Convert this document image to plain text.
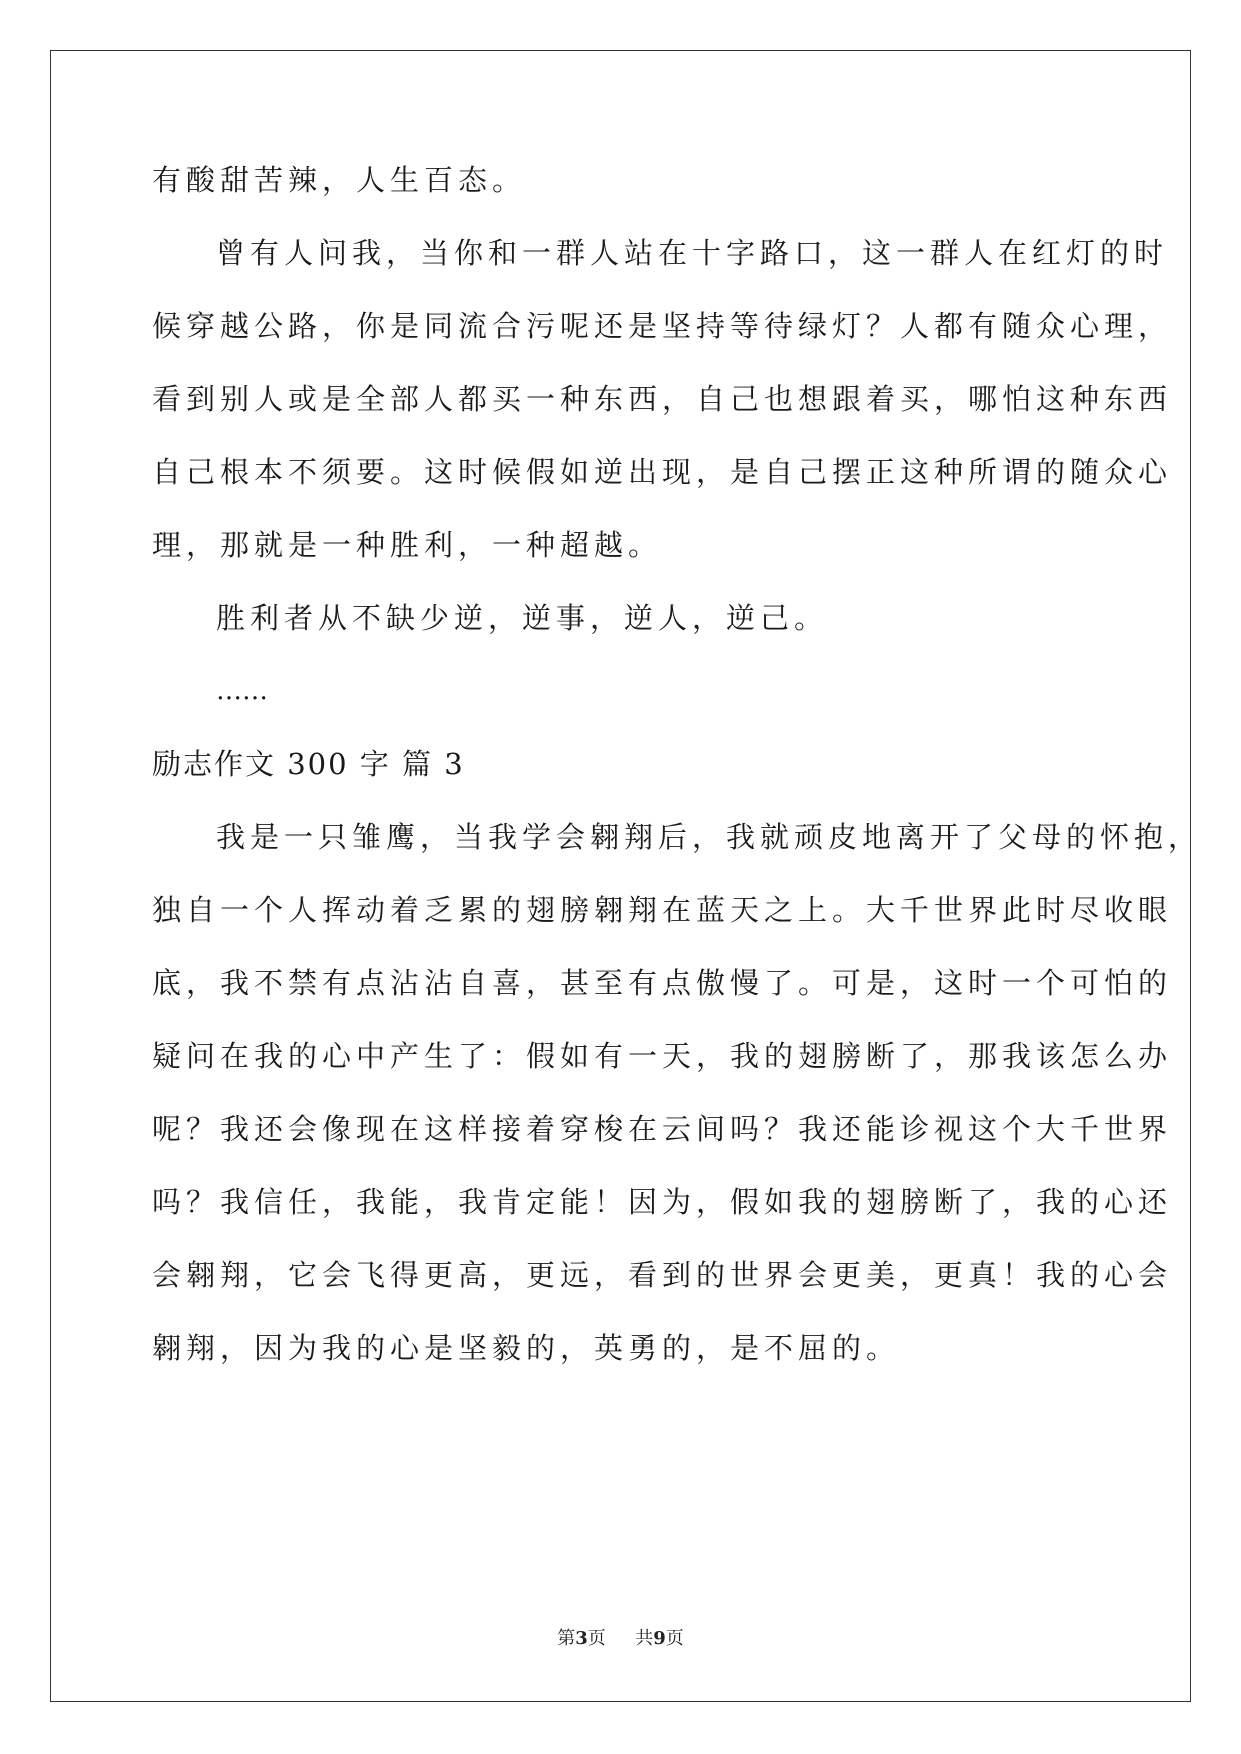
有酸甜苦辣，人生百态。
曾有人问我，当你和一群人站在十字路口，这一群人在红灯的时
候穿越公路，你是同流合污呢还是坚持等待绿灯？人都有随众心理，
看到别人或是全部人都买一种东西，自己也想跟着买，哪怕这种东西
自己根本不须要。这时候假如逆出现，是自己摆正这种所谓的随众心
理，那就是一种胜利，一种超越。
胜利者从不缺少逆，逆事，逆人，逆己。
……
励志作文 300 字 篇 3
我是一只雏鹰，当我学会翱翔后，我就顽皮地离开了父母的怀抱，
独自一个人挥动着乏累的翅膀翱翔在蓝天之上。大千世界此时尽收眼
底，我不禁有点沾沾自喜，甚至有点傲慢了。可是，这时一个可怕的
疑问在我的心中产生了：假如有一天，我的翅膀断了，那我该怎么办
呢？我还会像现在这样接着穿梭在云间吗？我还能诊视这个大千世界
吗？我信任，我能，我肯定能！因为，假如我的翅膀断了，我的心还
会翱翔，它会飞得更高，更远，看到的世界会更美，更真！我的心会
翱翔，因为我的心是坚毅的，英勇的，是不屈的。
第3页 共9页
